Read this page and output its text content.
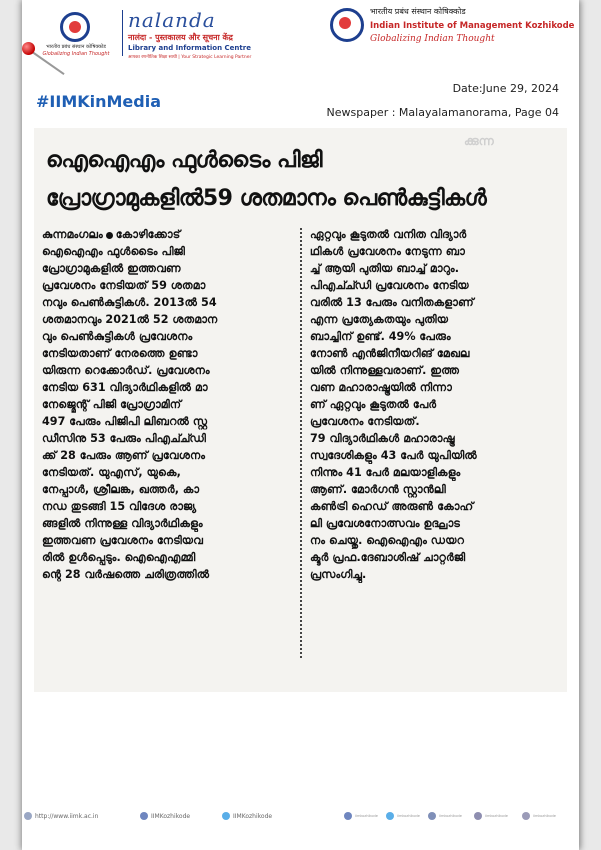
भारतीय प्रबंध संस्थान कोषिक्कोड
Globalizing Indian Thought
nalanda
नालंदा - पुस्तकालय और सूचना केंद्र
Library and Information Centre
आपका रणनीतिक शिक्षा साथी | Your Strategic Learning Partner
भारतीय प्रबंध संस्थान कोषिक्कोड
Indian Institute of Management Kozhikode
Globalizing Indian Thought
#IIMKinMedia
Date:June 29, 2024
Newspaper : Malayalamanorama, Page 04
ക്കുന്ന
ഐഐഎം ഫുൾടൈം പിജി
പ്രോഗ്രാമുകളിൽ59 ശതമാനം പെൺകുട്ടികൾ
കുന്നമംഗലം കോഴിക്കോട്
ഐഐഎം ഫുൾടൈം പിജി
പ്രോഗ്രാമുകളിൽ ഇത്തവണ
പ്രവേശനം നേടിയത് 59 ശതമാ
നവും പെൺകുട്ടികൾ. 2013ൽ 54
ശതമാനവും 2021ൽ 52 ശതമാന
വും പെൺകുട്ടികൾ പ്രവേശനം
നേടിയതാണ് നേരത്തെ ഉണ്ടാ
യിരുന്ന റെക്കോർഡ്. പ്രവേശനം
നേടിയ 631 വിദ്യാർഥികളിൽ മാ
നേജ്മെന്റ് പിജി പ്രോഗ്രാമിന്
497 പേരും പിജിപി ലിബറൽ സ്റ്റ
ഡീസിനു 53 പേരും പിഎച്ച്ഡി
ക്ക് 28 പേരും ആണ് പ്രവേശനം
നേടിയത്. യുഎസ്, യുകെ,
നേപ്പാൾ, ശ്രീലങ്ക, ഖത്തർ, കാ
നഡ തുടങ്ങി 15 വിദേശ രാജ്യ
ങ്ങളിൽ നിന്നുള്ള വിദ്യാർഥികളും
ഇത്തവണ പ്രവേശനം നേടിയവ
രിൽ ഉൾപ്പെടും. ഐഐഎമ്മി
ന്റെ 28 വർഷത്തെ ചരിത്രത്തിൽ
ഏറ്റവും കൂടുതൽ വനിത വിദ്യാർ
ഥികൾ പ്രവേശനം നേടുന്ന ബാ
ച്ച് ആയി പുതിയ ബാച്ച് മാറും.
പിഎച്ച്ഡി പ്രവേശനം നേടിയ
വരിൽ 13 പേരും വനിതകളാണ്
എന്ന പ്രത്യേകതയും പുതിയ
ബാച്ചിന് ഉണ്ട്. 49% പേരും
നോൺ എൻജിനീയറിങ് മേഖല
യിൽ നിന്നുള്ളവരാണ്. ഇത്ത
വണ മഹാരാഷ്ട്രയിൽ നിന്നാ
ണ് ഏറ്റവും കൂടുതൽ പേർ
പ്രവേശനം നേടിയത്.
79 വിദ്യാർഥികൾ മഹാരാഷ്ട്ര
സ്വദേശികളും 43 പേർ യുപിയിൽ
നിന്നും 41 പേർ മലയാളികളും
ആണ്. മോർഗൻ സ്റ്റാൻലി
കൺട്രി ഹെഡ് അരുൺ കോഹ്
ലി പ്രവേശനോത്സവം ഉദ്ഘാട
നം ചെയ്തു. ഐഐഎം ഡയറ
ക്ടർ പ്രഫ.ദേബാശിഷ് ചാറ്റർജി
പ്രസംഗിച്ചു.
http://www.iimk.ac.in	IIMKozhikode	IIMKozhikode	iimkozhikode	iimkozhikode	iimkozhikode	iimkozhikode	iimkozhikode
